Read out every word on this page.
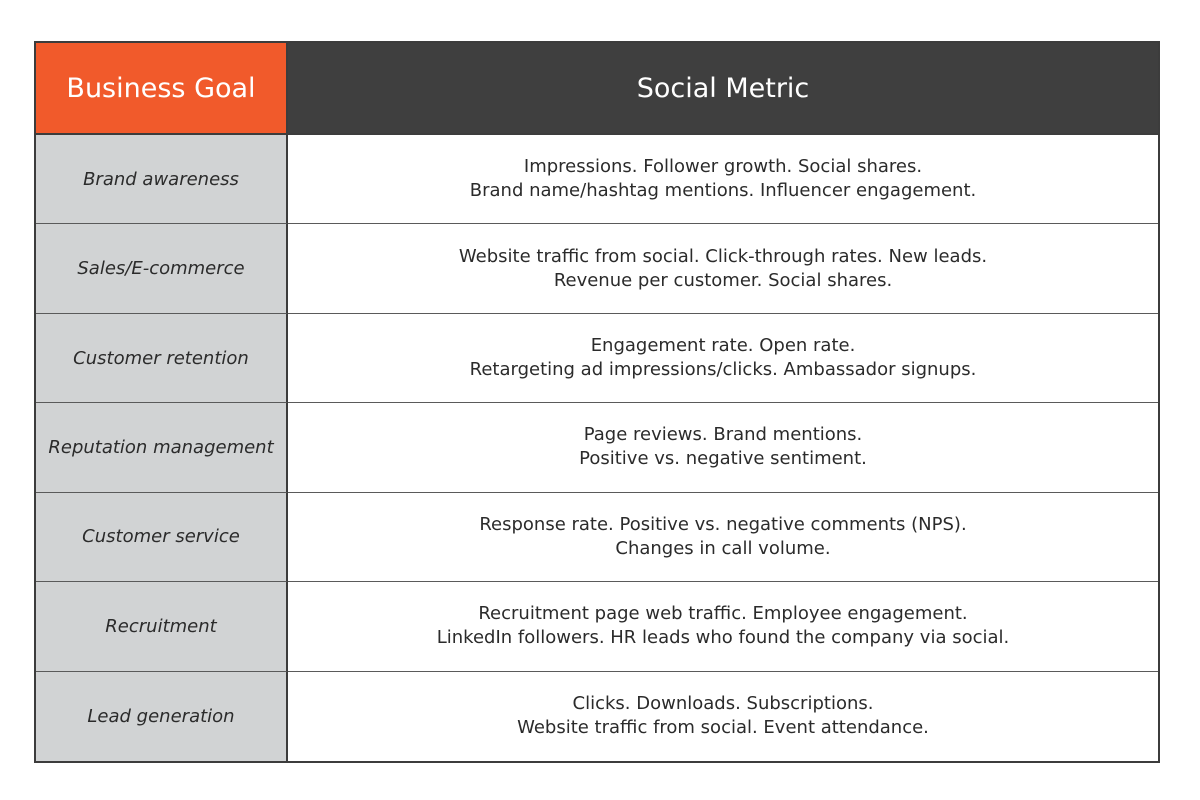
Business Goal	Social Metric
Brand awareness
Impressions. Follower growth. Social shares.
Brand name/hashtag mentions. Influencer engagement.
Sales/E-commerce
Website traffic from social. Click-through rates. New leads.
Revenue per customer. Social shares.
Customer retention
Engagement rate. Open rate.
Retargeting ad impressions/clicks. Ambassador signups.
Reputation management
Page reviews. Brand mentions.
Positive vs. negative sentiment.
Customer service
Response rate. Positive vs. negative comments (NPS).
Changes in call volume.
Recruitment
Recruitment page web traffic. Employee engagement.
LinkedIn followers. HR leads who found the company via social.
Lead generation
Clicks. Downloads. Subscriptions.
Website traffic from social. Event attendance.
